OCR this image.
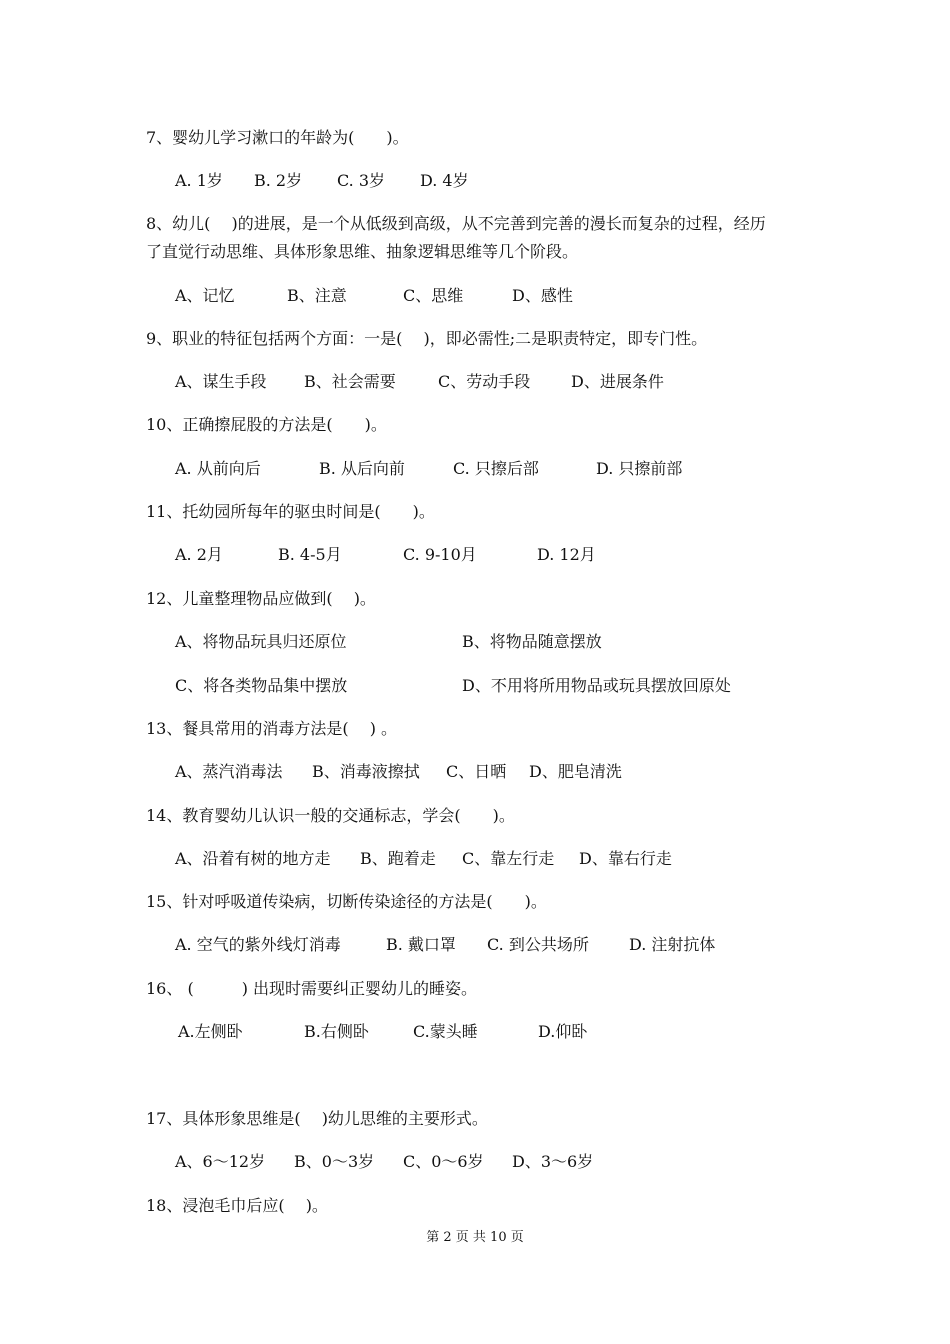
7、婴幼儿学习漱口的年龄为(　　)。
A. 1岁 B. 2岁 C. 3岁 D. 4岁
8、幼儿(　 )的进展，是一个从低级到高级，从不完善到完善的漫长而复杂的过程，经历
了直觉行动思维、具体形象思维、抽象逻辑思维等几个阶段。
A、记忆	B、注意	C、思维	D、感性
9、职业的特征包括两个方面：一是(　 )，即必需性;二是职责特定，即专门性。
A、谋生手段 B、社会需要	C、劳动手段	D、进展条件
10、正确擦屁股的方法是(　　)。
A. 从前向后	B. 从后向前	C. 只擦后部	D. 只擦前部
11、托幼园所每年的驱虫时间是(　　)。
A. 2月	B. 4-5月	C. 9-10月	D. 12月
12、儿童整理物品应做到(　 )。
A、将物品玩具归还原位	B、将物品随意摆放
C、将各类物品集中摆放	D、不用将所用物品或玩具摆放回原处
13、餐具常用的消毒方法是(　 ) 。
A、蒸汽消毒法 B、消毒液擦拭 C、日晒 D、肥皂清洗
14、教育婴幼儿认识一般的交通标志，学会(　　)。
A、沿着有树的地方走 B、跑着走 C、靠左行走 D、靠右行走
15、针对呼吸道传染病，切断传染途径的方法是(　　)。
A. 空气的紫外线灯消毒	B. 戴口罩 C. 到公共场所	D. 注射抗体
16、 (　　　) 出现时需要纠正婴幼儿的睡姿。
A.左侧卧	B.右侧卧	C.蒙头睡	D.仰卧
17、具体形象思维是(　 )幼儿思维的主要形式。
A、6～12岁 B、0～3岁 C、0～6岁 D、3～6岁
18、浸泡毛巾后应(　 )。
第 2 页 共 10 页
